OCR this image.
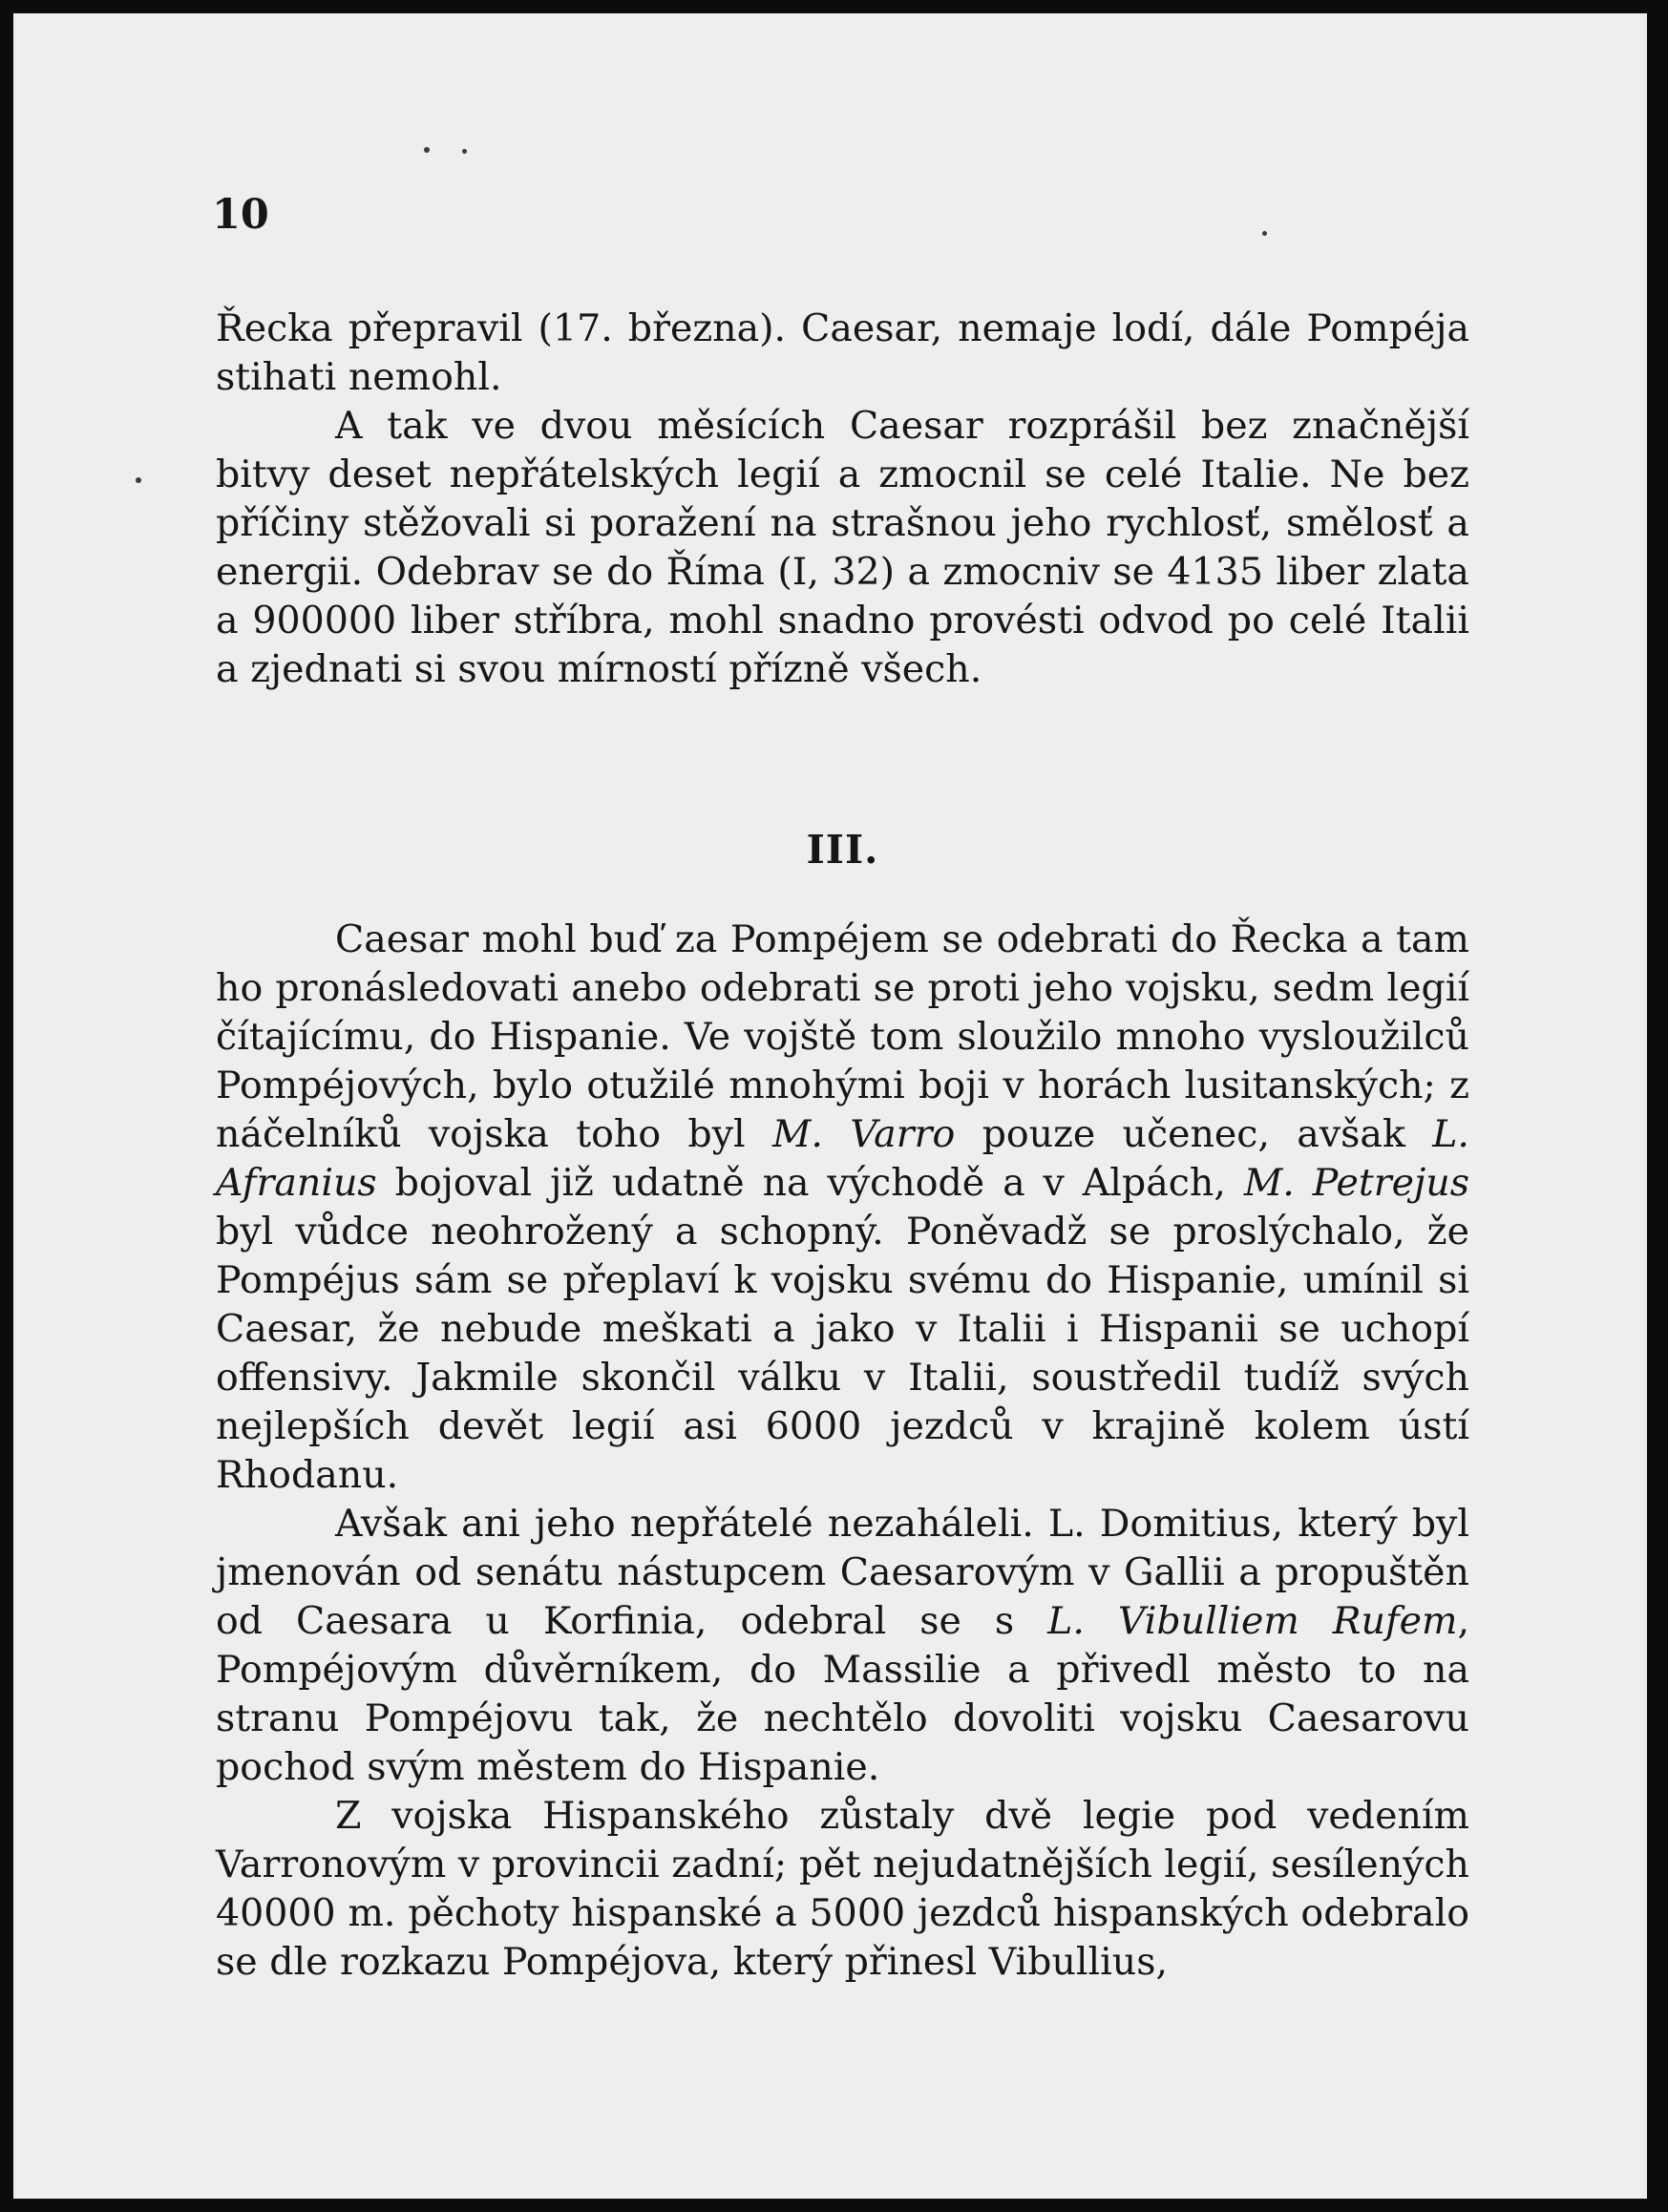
10

Řecka přepravil (17. března). Caesar, nemaje lodí, dále Pompéja stihati nemohl.

A tak ve dvou měsících Caesar rozprášil bez značnější bitvy deset nepřátelských legií a zmocnil se celé Italie. Ne bez příčiny stěžovali si poražení na strašnou jeho rychlosť, smělosť a energii. Odebrav se do Říma (I, 32) a zmocniv se 4135 liber zlata a 900000 liber stříbra, mohl snadno provésti odvod po celé Italii a zjednati si svou mírností přízně všech.

III.

Caesar mohl buď za Pompéjem se odebrati do Řecka a tam ho pronásledovati anebo odebrati se proti jeho vojsku, sedm legií čítajícímu, do Hispanie. Ve vojště tom sloužilo mnoho vysloužilců Pompéjových, bylo otužilé mnohými boji v horách lusitanských; z náčelníků vojska toho byl M. Varro pouze učenec, avšak L. Afranius bojoval již udatně na východě a v Alpách, M. Petrejus byl vůdce neohrožený a schopný. Poněvadž se proslýchalo, že Pompéjus sám se přeplaví k vojsku svému do Hispanie, umínil si Caesar, že nebude meškati a jako v Italii i Hispanii se uchopí offensivy. Jakmile skončil válku v Italii, soustředil tudíž svých nejlepších devět legií asi 6000 jezdců v krajině kolem ústí Rhodanu.

Avšak ani jeho nepřátelé nezaháleli. L. Domitius, který byl jmenován od senátu nástupcem Caesarovým v Gallii a propuštěn od Caesara u Korfinia, odebral se s L. Vibulliem Rufem, Pompéjovým důvěrníkem, do Massilie a přivedl město to na stranu Pompéjovu tak, že nechtělo dovoliti vojsku Caesarovu pochod svým městem do Hispanie.

Z vojska Hispanského zůstaly dvě legie pod vedením Varronovým v provincii zadní; pět nejudatnějších legií, sesílených 40000 m. pěchoty hispanské a 5000 jezdců hispanských odebralo se dle rozkazu Pompéjova, který přinesl Vibullius,
